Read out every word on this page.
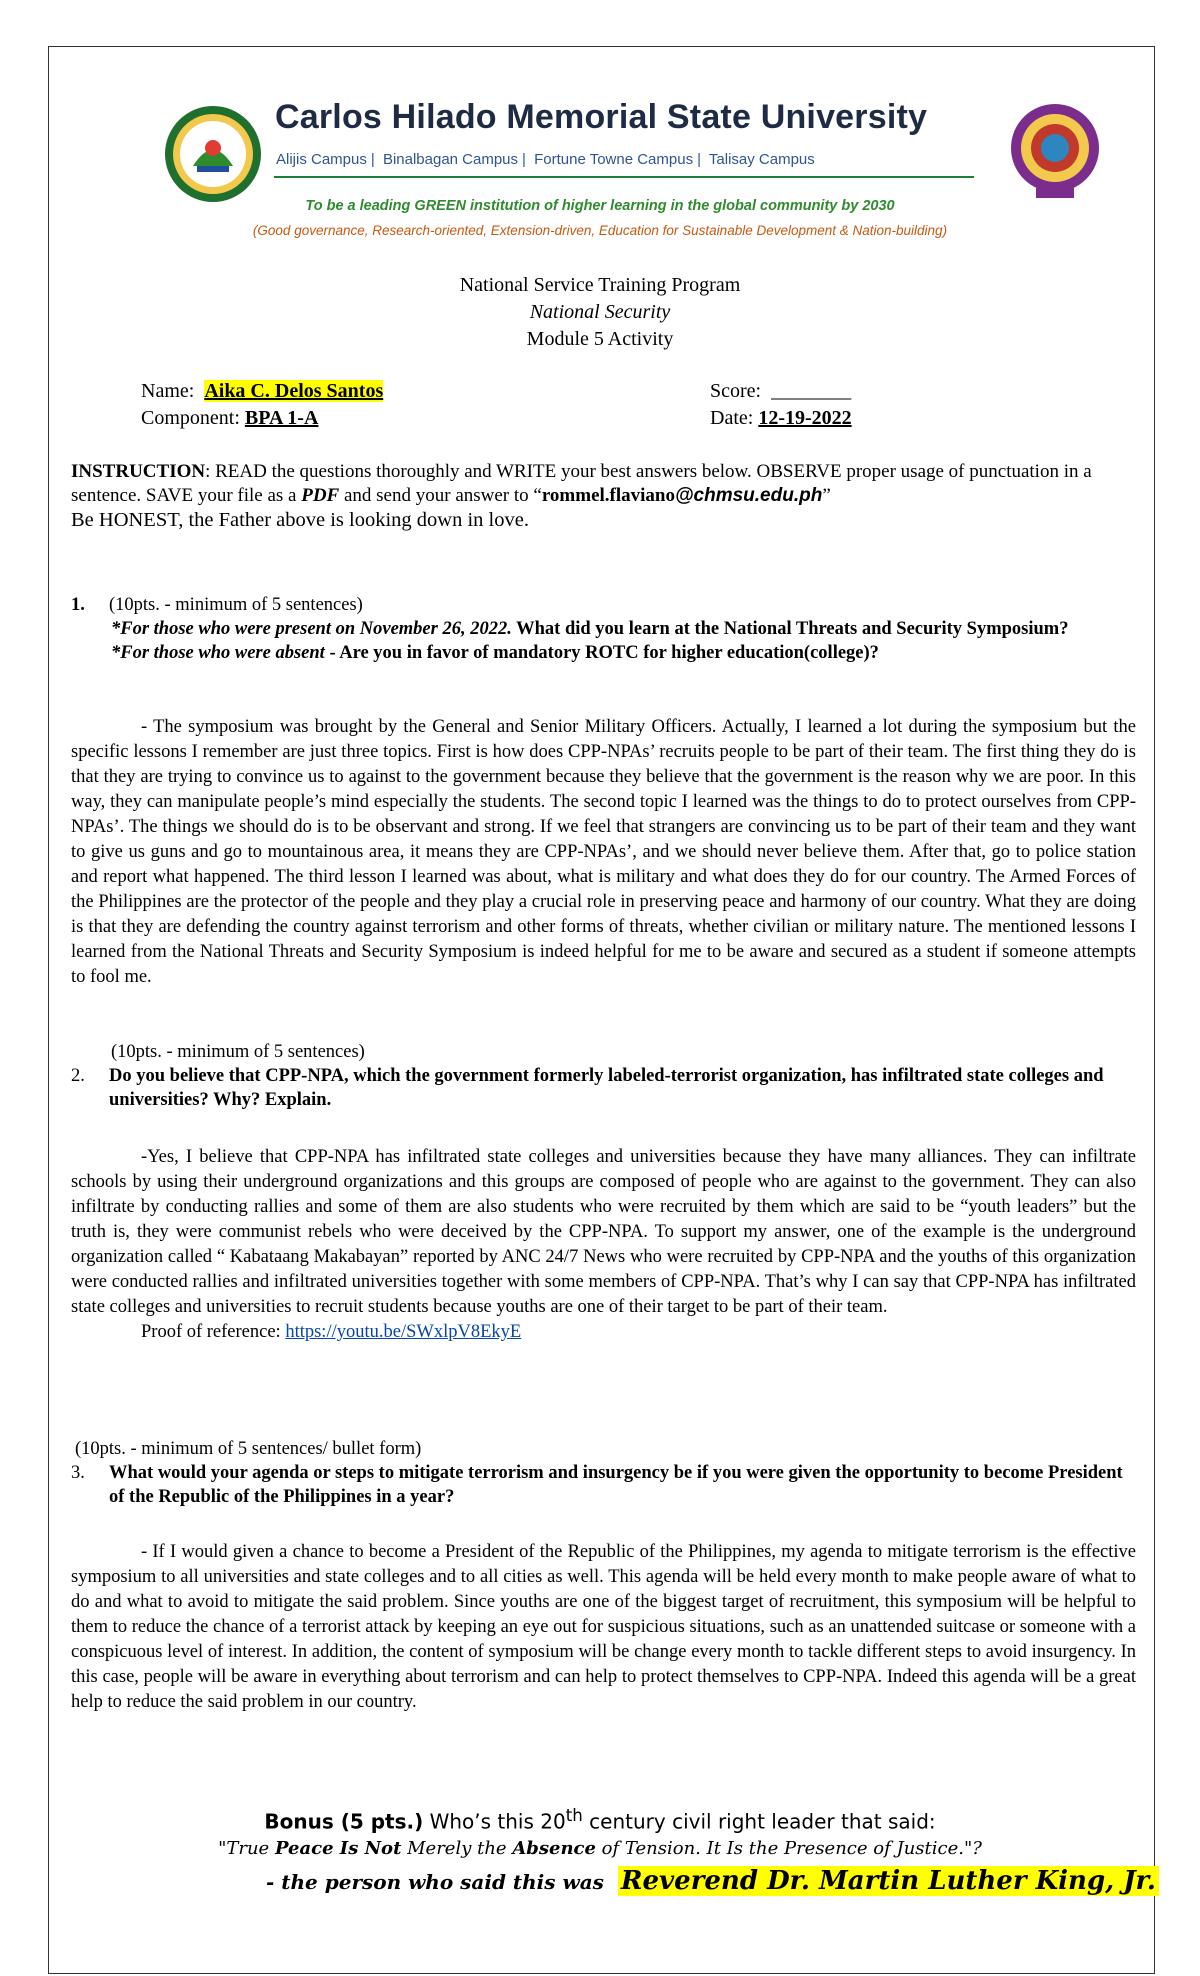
Carlos Hilado Memorial State University
Alijis Campus | Binalbagan Campus | Fortune Towne Campus | Talisay Campus
To be a leading GREEN institution of higher learning in the global community by 2030
(Good governance, Research-oriented, Extension-driven, Education for Sustainable Development & Nation-building)
National Service Training Program
National Security
Module 5 Activity
Name: Aika C. Delos Santos
Component: BPA 1-A
Score: ________
Date: 12-19-2022
INSTRUCTION: READ the questions thoroughly and WRITE your best answers below. OBSERVE proper usage of punctuation in a sentence. SAVE your file as a PDF and send your answer to “rommel.flaviano@chmsu.edu.ph”
Be HONEST, the Father above is looking down in love.
1. (10pts. - minimum of 5 sentences)
*For those who were present on November 26, 2022. What did you learn at the National Threats and Security Symposium?
*For those who were absent - Are you in favor of mandatory ROTC for higher education(college)?

- The symposium was brought by the General and Senior Military Officers. Actually, I learned a lot during the symposium but the specific lessons I remember are just three topics. First is how does CPP-NPAs’ recruits people to be part of their team. The first thing they do is that they are trying to convince us to against to the government because they believe that the government is the reason why we are poor. In this way, they can manipulate people’s mind especially the students. The second topic I learned was the things to do to protect ourselves from CPP-NPAs’. The things we should do is to be observant and strong. If we feel that strangers are convincing us to be part of their team and they want to give us guns and go to mountainous area, it means they are CPP-NPAs’, and we should never believe them. After that, go to police station and report what happened. The third lesson I learned was about, what is military and what does they do for our country. The Armed Forces of the Philippines are the protector of the people and they play a crucial role in preserving peace and harmony of our country. What they are doing is that they are defending the country against terrorism and other forms of threats, whether civilian or military nature. The mentioned lessons I learned from the National Threats and Security Symposium is indeed helpful for me to be aware and secured as a student if someone attempts to fool me.

(10pts. - minimum of 5 sentences)
2.	Do you believe that CPP-NPA, which the government formerly labeled-terrorist organization, has infiltrated state colleges and universities? Why? Explain.

-Yes, I believe that CPP-NPA has infiltrated state colleges and universities because they have many alliances. They can infiltrate schools by using their underground organizations and this groups are composed of people who are against to the government. They can also infiltrate by conducting rallies and some of them are also students who were recruited by them which are said to be “youth leaders” but the truth is, they were communist rebels who were deceived by the CPP-NPA. To support my answer, one of the example is the underground organization called “ Kabataang Makabayan” reported by ANC 24/7 News who were recruited by CPP-NPA and the youths of this organization were conducted rallies and infiltrated universities together with some members of CPP-NPA. That’s why I can say that CPP-NPA has infiltrated state colleges and universities to recruit students because youths are one of their target to be part of their team.

Proof of reference: https://youtu.be/SWxlpV8EkyE
(10pts. - minimum of 5 sentences/ bullet form)
3.	What would your agenda or steps to mitigate terrorism and insurgency be if you were given the opportunity to become President of the Republic of the Philippines in a year?

- If I would given a chance to become a President of the Republic of the Philippines, my agenda to mitigate terrorism is the effective symposium to all universities and state colleges and to all cities as well. This agenda will be held every month to make people aware of what to do and what to avoid to mitigate the said problem. Since youths are one of the biggest target of recruitment, this symposium will be helpful to them to reduce the chance of a terrorist attack by keeping an eye out for suspicious situations, such as an unattended suitcase or someone with a conspicuous level of interest. In addition, the content of symposium will be change every month to tackle different steps to avoid insurgency. In this case, people will be aware in everything about terrorism and can help to protect themselves to CPP-NPA. Indeed this agenda will be a great help to reduce the said problem in our country.

Bonus (5 pts.) Who’s this 20th century civil right leader that said:
"True Peace Is Not Merely the Absence of Tension. It Is the Presence of Justice."?
- the person who said this was Reverend Dr. Martin Luther King, Jr.
